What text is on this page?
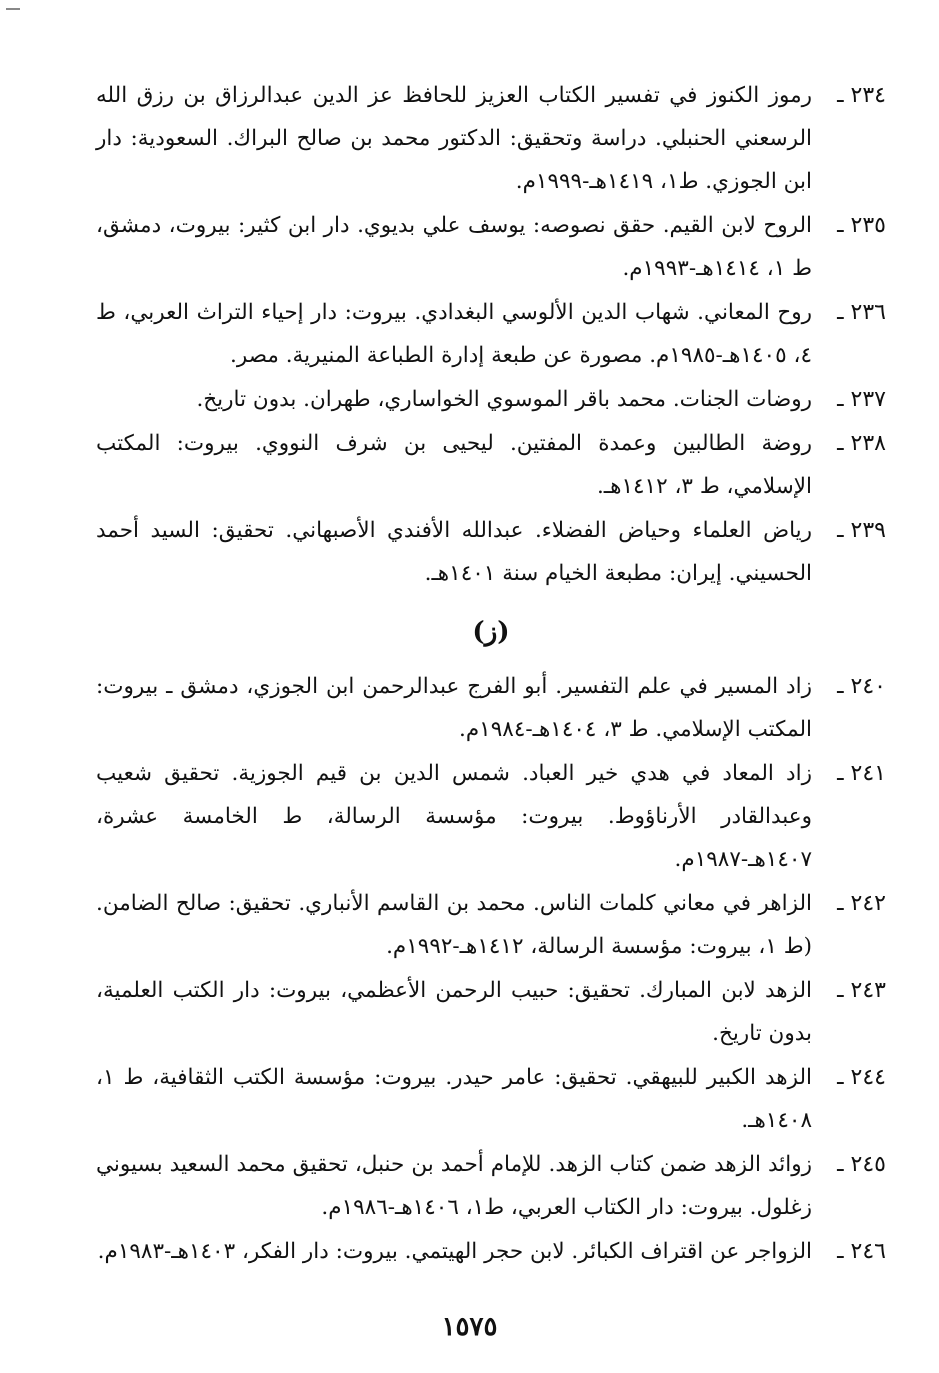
٢٣٤ ـ
رموز الكنوز في تفسير الكتاب العزيز للحافظ عز الدين عبدالرزاق بن رزق الله الرسعني الحنبلي. دراسة وتحقيق: الدكتور محمد بن صالح البراك. السعودية: دار ابن الجوزي. ط١، ١٤١٩هـ-١٩٩٩م.
٢٣٥ ـ
الروح لابن القيم. حقق نصوصه: يوسف علي بديوي. دار ابن كثير: بيروت، دمشق، ط ١، ١٤١٤هـ-١٩٩٣م.
٢٣٦ ـ
روح المعاني. شهاب الدين الألوسي البغدادي. بيروت: دار إحياء التراث العربي، ط ٤، ١٤٠٥هـ-١٩٨٥م. مصورة عن طبعة إدارة الطباعة المنيرية. مصر.
٢٣٧ ـ
روضات الجنات. محمد باقر الموسوي الخواساري، طهران. بدون تاريخ.
٢٣٨ ـ
روضة الطالبين وعمدة المفتين. ليحيى بن شرف النووي. بيروت: المكتب الإسلامي، ط ٣، ١٤١٢هـ.
٢٣٩ ـ
رياض العلماء وحياض الفضلاء. عبدالله الأفندي الأصبهاني. تحقيق: السيد أحمد الحسيني. إيران: مطبعة الخيام سنة ١٤٠١هـ.
(ز)
٢٤٠ ـ
زاد المسير في علم التفسير. أبو الفرج عبدالرحمن ابن الجوزي، دمشق ـ بيروت: المكتب الإسلامي. ط ٣، ١٤٠٤هـ-١٩٨٤م.
٢٤١ ـ
زاد المعاد في هدي خير العباد. شمس الدين بن قيم الجوزية. تحقيق شعيب وعبدالقادر الأرناؤوط. بيروت: مؤسسة الرسالة، ط الخامسة عشرة، ١٤٠٧هـ-١٩٨٧م.
٢٤٢ ـ
الزاهر في معاني كلمات الناس. محمد بن القاسم الأنباري. تحقيق: صالح الضامن. (ط ١، بيروت: مؤسسة الرسالة، ١٤١٢هـ-١٩٩٢م.
٢٤٣ ـ
الزهد لابن المبارك. تحقيق: حبيب الرحمن الأعظمي، بيروت: دار الكتب العلمية، بدون تاريخ.
٢٤٤ ـ
الزهد الكبير للبيهقي. تحقيق: عامر حيدر. بيروت: مؤسسة الكتب الثقافية، ط ١، ١٤٠٨هـ.
٢٤٥ ـ
زوائد الزهد ضمن كتاب الزهد. للإمام أحمد بن حنبل، تحقيق محمد السعيد بسيوني زغلول. بيروت: دار الكتاب العربي، ط١، ١٤٠٦هـ-١٩٨٦م.
٢٤٦ ـ
الزواجر عن اقتراف الكبائر. لابن حجر الهيتمي. بيروت: دار الفكر، ١٤٠٣هـ-١٩٨٣م.
١٥٧٥
